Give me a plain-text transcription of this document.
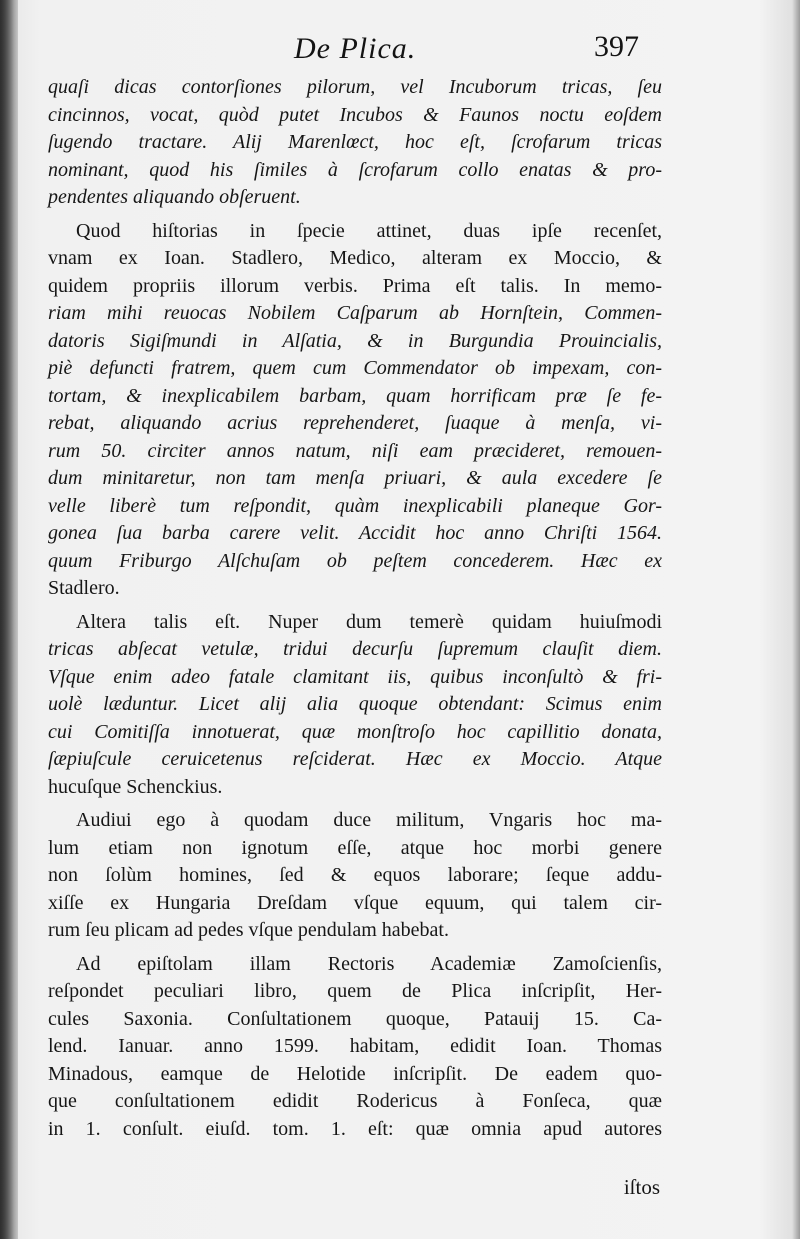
De Plica.	397
quaſi dicas contorſiones pilorum, vel Incuborum tricas, ſeu
cincinnos, vocat, quòd putet Incubos & Faunos noctu eoſdem
ſugendo tractare. Alij Marenlœct, hoc eſt, ſcrofarum tricas
nominant, quod his ſimiles à ſcrofarum collo enatas & pro-
pendentes aliquando obſeruent.
Quod hiſtorias in ſpecie attinet, duas ipſe recenſet,
vnam ex Ioan. Stadlero, Medico, alteram ex Moccio, &
quidem propriis illorum verbis. Prima eſt talis. In memo-
riam mihi reuocas Nobilem Caſparum ab Hornſtein, Commen-
datoris Sigiſmundi in Alſatia, & in Burgundia Prouincialis,
piè defuncti fratrem, quem cum Commendator ob impexam, con-
tortam, & inexplicabilem barbam, quam horrificam præ ſe fe-
rebat, aliquando acrius reprehenderet, ſuaque à menſa, vi-
rum 50. circiter annos natum, niſi eam præcideret, remouen-
dum minitaretur, non tam menſa priuari, & aula excedere ſe
velle liberè tum reſpondit, quàm inexplicabili planeque Gor-
gonea ſua barba carere velit. Accidit hoc anno Chriſti 1564.
quum Friburgo Alſchuſam ob peſtem concederem. Hæc ex
Stadlero.
Altera talis eſt. Nuper dum temerè quidam huiuſmodi
tricas abſecat vetulæ, tridui decurſu ſupremum clauſit diem.
Vſque enim adeo fatale clamitant iis, quibus inconſultò & fri-
uolè læduntur. Licet alij alia quoque obtendant: Scimus enim
cui Comitiſſa innotuerat, quæ monſtroſo hoc capillitio donata,
ſæpiuſcule ceruicetenus reſciderat. Hæc ex Moccio. Atque
hucuſque Schenckius.
Audiui ego à quodam duce militum, Vngaris hoc ma-
lum etiam non ignotum eſſe, atque hoc morbi genere
non ſolùm homines, ſed & equos laborare; ſeque addu-
xiſſe ex Hungaria Dreſdam vſque equum, qui talem cir-
rum ſeu plicam ad pedes vſque pendulam habebat.
Ad epiſtolam illam Rectoris Academiæ Zamoſcienſis,
reſpondet peculiari libro, quem de Plica inſcripſit, Her-
cules Saxonia. Conſultationem quoque, Patauij 15. Ca-
lend. Ianuar. anno 1599. habitam, edidit Ioan. Thomas
Minadous, eamque de Helotide inſcripſit. De eadem quo-
que conſultationem edidit Rodericus à Fonſeca, quæ
in 1. conſult. eiuſd. tom. 1. eſt: quæ omnia apud autores
iſtos
